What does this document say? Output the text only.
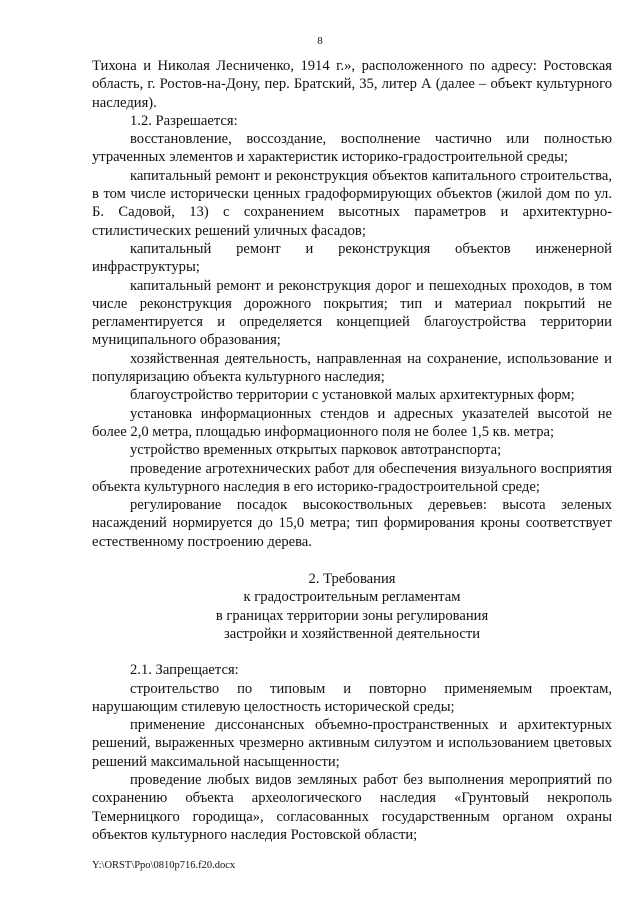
8

Тихона и Николая Лесниченко, 1914 г.», расположенного по адресу: Ростовская область, г. Ростов-на-Дону, пер. Братский, 35, литер А (далее – объект культурного наследия).

1.2. Разрешается:

восстановление, воссоздание, восполнение частично или полностью утраченных элементов и характеристик историко-градостроительной среды;

капитальный ремонт и реконструкция объектов капитального строительства, в том числе исторически ценных градоформирующих объектов (жилой дом по ул. Б. Садовой, 13) с сохранением высотных параметров и архитектурно-стилистических решений уличных фасадов;

капитальный ремонт и реконструкция объектов инженерной инфраструктуры;

капитальный ремонт и реконструкция дорог и пешеходных проходов, в том числе реконструкция дорожного покрытия; тип и материал покрытий не регламентируется и определяется концепцией благоустройства территории муниципального образования;

хозяйственная деятельность, направленная на сохранение, использование и популяризацию объекта культурного наследия;

благоустройство территории с установкой малых архитектурных форм;

установка информационных стендов и адресных указателей высотой не более 2,0 метра, площадью информационного поля не более 1,5 кв. метра;

устройство временных открытых парковок автотранспорта;

проведение агротехнических работ для обеспечения визуального восприятия объекта культурного наследия в его историко-градостроительной среде;

регулирование посадок высокоствольных деревьев: высота зеленых насаждений нормируется до 15,0 метра; тип формирования кроны соответствует естественному построению дерева.

2. Требования
к градостроительным регламентам
в границах территории зоны регулирования
застройки и хозяйственной деятельности

2.1. Запрещается:

строительство по типовым и повторно применяемым проектам, нарушающим стилевую целостность исторической среды;

применение диссонансных объемно-пространственных и архитектурных решений, выраженных чрезмерно активным силуэтом и использованием цветовых решений максимальной насыщенности;

проведение любых видов земляных работ без выполнения мероприятий по сохранению объекта археологического наследия «Грунтовый некрополь Темерницкого городища», согласованных государственным органом охраны объектов культурного наследия Ростовской области;

Y:\ORST\Ppo\0810p716.f20.docx
